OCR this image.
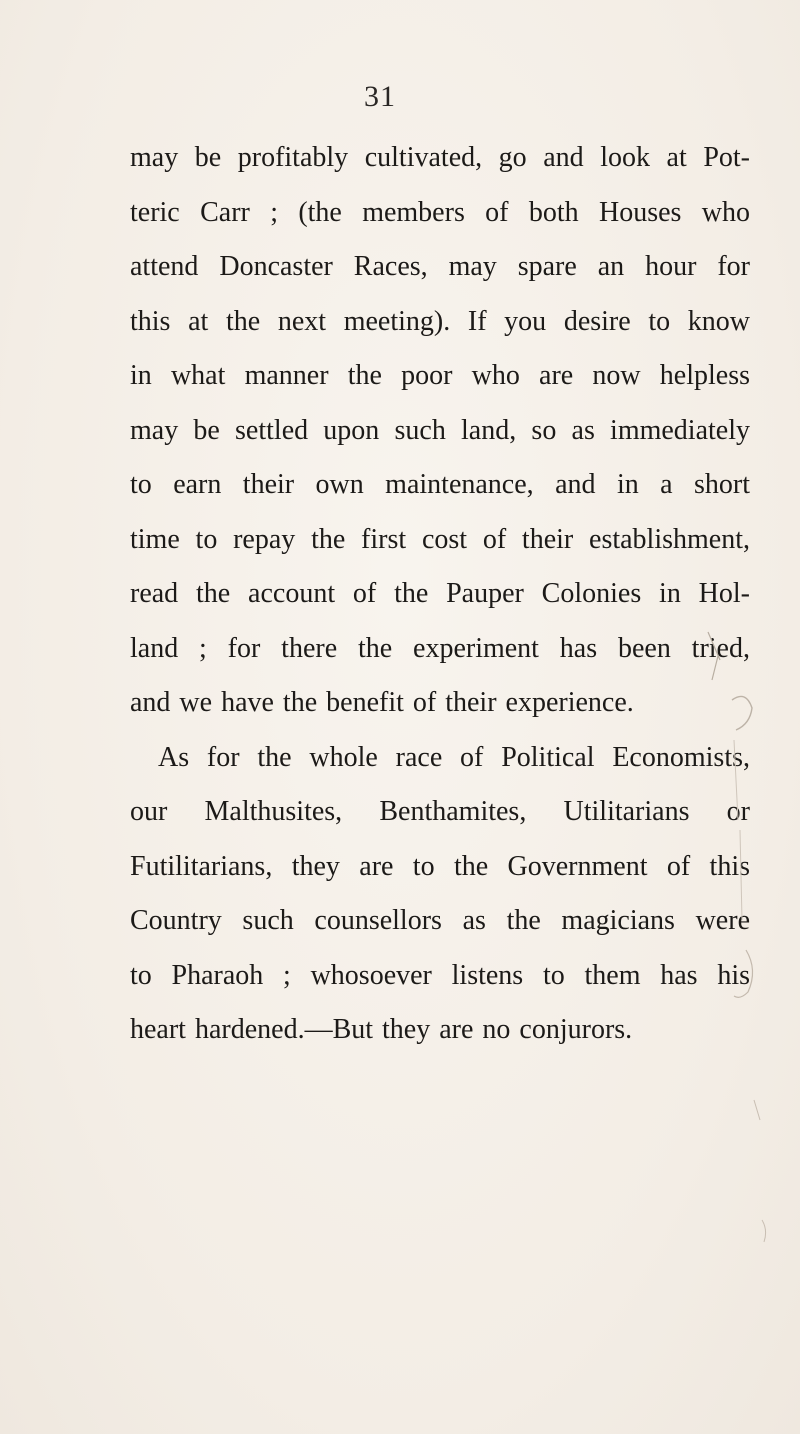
31
may be profitably cultivated, go and look at Pot-
teric Carr ; (the members of both Houses who
attend Doncaster Races, may spare an hour for
this at the next meeting). If you desire to know
in what manner the poor who are now helpless
may be settled upon such land, so as immediately
to earn their own maintenance, and in a short
time to repay the first cost of their establishment,
read the account of the Pauper Colonies in Hol-
land ; for there the experiment has been tried,
and we have the benefit of their experience.
As for the whole race of Political Economists,
our Malthusites, Benthamites, Utilitarians or
Futilitarians, they are to the Government of this
Country such counsellors as the magicians were
to Pharaoh ; whosoever listens to them has his
heart hardened.—But they are no conjurors.
